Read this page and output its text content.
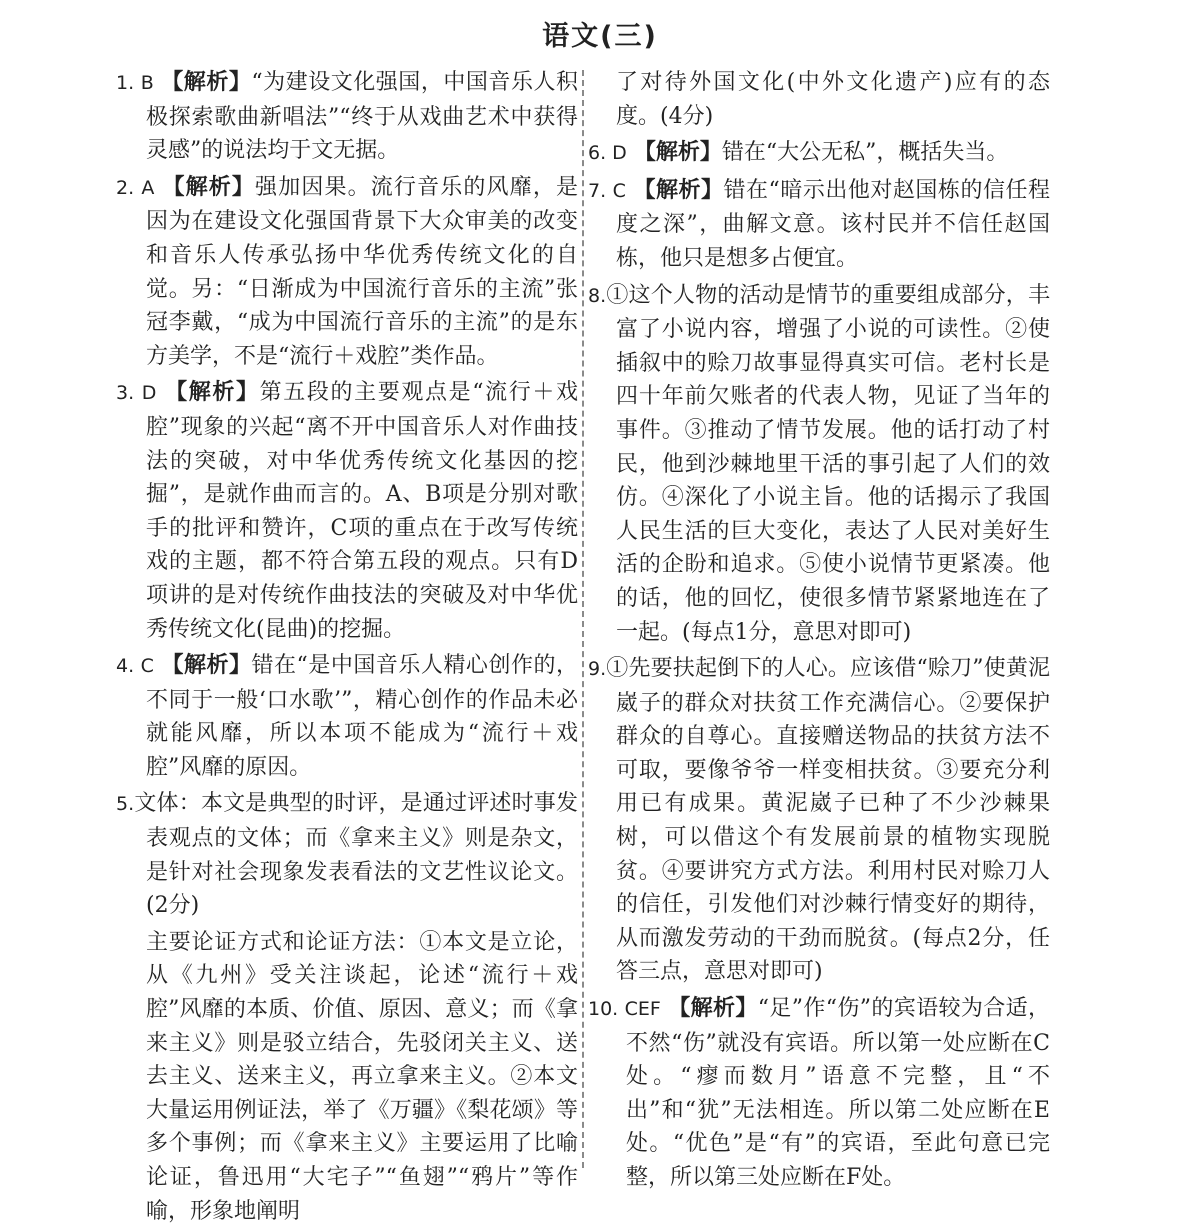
语文(三)

1. B 【解析】“为建设文化强国，中国音乐人积极探索歌曲新唱法”“终于从戏曲艺术中获得灵感”的说法均于文无据。

2. A 【解析】强加因果。流行音乐的风靡，是因为在建设文化强国背景下大众审美的改变和音乐人传承弘扬中华优秀传统文化的自觉。另：“日渐成为中国流行音乐的主流”张冠李戴，“成为中国流行音乐的主流”的是东方美学，不是“流行＋戏腔”类作品。

3. D 【解析】第五段的主要观点是“流行＋戏腔”现象的兴起“离不开中国音乐人对作曲技法的突破，对中华优秀传统文化基因的挖掘”，是就作曲而言的。A、B项是分别对歌手的批评和赞许，C项的重点在于改写传统戏的主题，都不符合第五段的观点。只有D项讲的是对传统作曲技法的突破及对中华优秀传统文化(昆曲)的挖掘。

4. C 【解析】错在“是中国音乐人精心创作的，不同于一般‘口水歌’”，精心创作的作品未必就能风靡，所以本项不能成为“流行＋戏腔”风靡的原因。

5.文体：本文是典型的时评，是通过评述时事发表观点的文体；而《拿来主义》则是杂文，是针对社会现象发表看法的文艺性议论文。(2分)

主要论证方式和论证方法：①本文是立论，从《九州》受关注谈起，论述“流行＋戏腔”风靡的本质、价值、原因、意义；而《拿来主义》则是驳立结合，先驳闭关主义、送去主义、送来主义，再立拿来主义。②本文大量运用例证法，举了《万疆》《梨花颂》等多个事例；而《拿来主义》主要运用了比喻论证，鲁迅用“大宅子”“鱼翅”“鸦片”等作喻，形象地阐明

了对待外国文化(中外文化遗产)应有的态度。(4分)

6. D 【解析】错在“大公无私”，概括失当。

7. C 【解析】错在“暗示出他对赵国栋的信任程度之深”，曲解文意。该村民并不信任赵国栋，他只是想多占便宜。

8.①这个人物的活动是情节的重要组成部分，丰富了小说内容，增强了小说的可读性。②使插叙中的赊刀故事显得真实可信。老村长是四十年前欠账者的代表人物，见证了当年的事件。③推动了情节发展。他的话打动了村民，他到沙棘地里干活的事引起了人们的效仿。④深化了小说主旨。他的话揭示了我国人民生活的巨大变化，表达了人民对美好生活的企盼和追求。⑤使小说情节更紧凑。他的话，他的回忆，使很多情节紧紧地连在了一起。(每点1分，意思对即可)

9.①先要扶起倒下的人心。应该借“赊刀”使黄泥崴子的群众对扶贫工作充满信心。②要保护群众的自尊心。直接赠送物品的扶贫方法不可取，要像爷爷一样变相扶贫。③要充分利用已有成果。黄泥崴子已种了不少沙棘果树，可以借这个有发展前景的植物实现脱贫。④要讲究方式方法。利用村民对赊刀人的信任，引发他们对沙棘行情变好的期待，从而激发劳动的干劲而脱贫。(每点2分，任答三点，意思对即可)

10. CEF 【解析】“足”作“伤”的宾语较为合适，不然“伤”就没有宾语。所以第一处应断在C处。“瘳而数月”语意不完整，且“不出”和“犹”无法相连。所以第二处应断在E处。“优色”是“有”的宾语，至此句意已完整，所以第三处应断在F处。
